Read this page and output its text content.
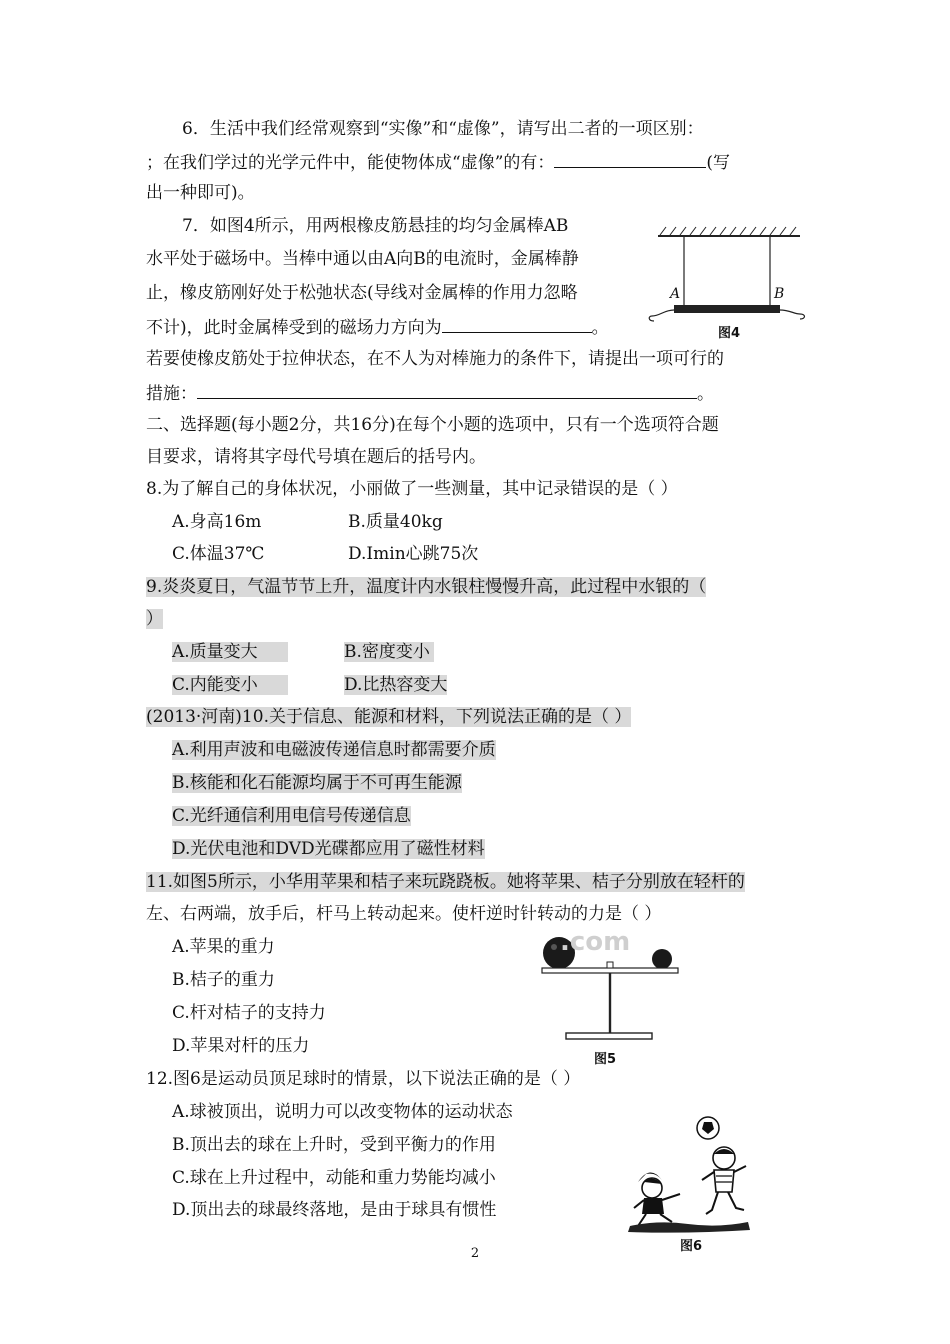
6．生活中我们经常观察到“实像”和“虚像”，请写出二者的一项区别：
；在我们学过的光学元件中，能使物体成“虚像”的有：	(写
出一种即可)。
7．如图4所示，用两根橡皮筋悬挂的均匀金属棒AB
水平处于磁场中。当棒中通以由A向B的电流时，金属棒静
止，橡皮筋刚好处于松弛状态(导线对金属棒的作用力忽略
不计)，此时金属棒受到的磁场力方向为	。
若要使橡皮筋处于拉伸状态，在不人为对棒施力的条件下，请提出一项可行的
措施：	。
A	B
图4
二、选择题(每小题2分，共16分)在每个小题的选项中，只有一个选项符合题
目要求，请将其字母代号填在题后的括号内。
8.为了解自己的身体状况，小丽做了一些测量，其中记录错误的是（ ）
A.身高16m	B.质量40kg
C.体温37℃	D.Imin心跳75次
9.炎炎夏日，气温节节上升，温度计内水银柱慢慢升高，此过程中水银的（
）
A.质量变大	B.密度变小
C.内能变小	D.比热容变大
(2013·河南)10.关于信息、能源和材料，下列说法正确的是（ ）
A.利用声波和电磁波传递信息时都需要介质
B.核能和化石能源均属于不可再生能源
C.光纤通信利用电信号传递信息
D.光伏电池和DVD光碟都应用了磁性材料
11.如图5所示，小华用苹果和桔子来玩跷跷板。她将苹果、桔子分别放在轻杆的
左、右两端，放手后，杆马上转动起来。使杆逆时针转动的力是（ ）
A.苹果的重力
B.桔子的重力
C.杆对桔子的支持力
D.苹果对杆的压力
.com
图5
12.图6是运动员顶足球时的情景，以下说法正确的是（ ）
A.球被顶出，说明力可以改变物体的运动状态
B.顶出去的球在上升时，受到平衡力的作用
C.球在上升过程中，动能和重力势能均减小
D.顶出去的球最终落地，是由于球具有惯性
图6
2
